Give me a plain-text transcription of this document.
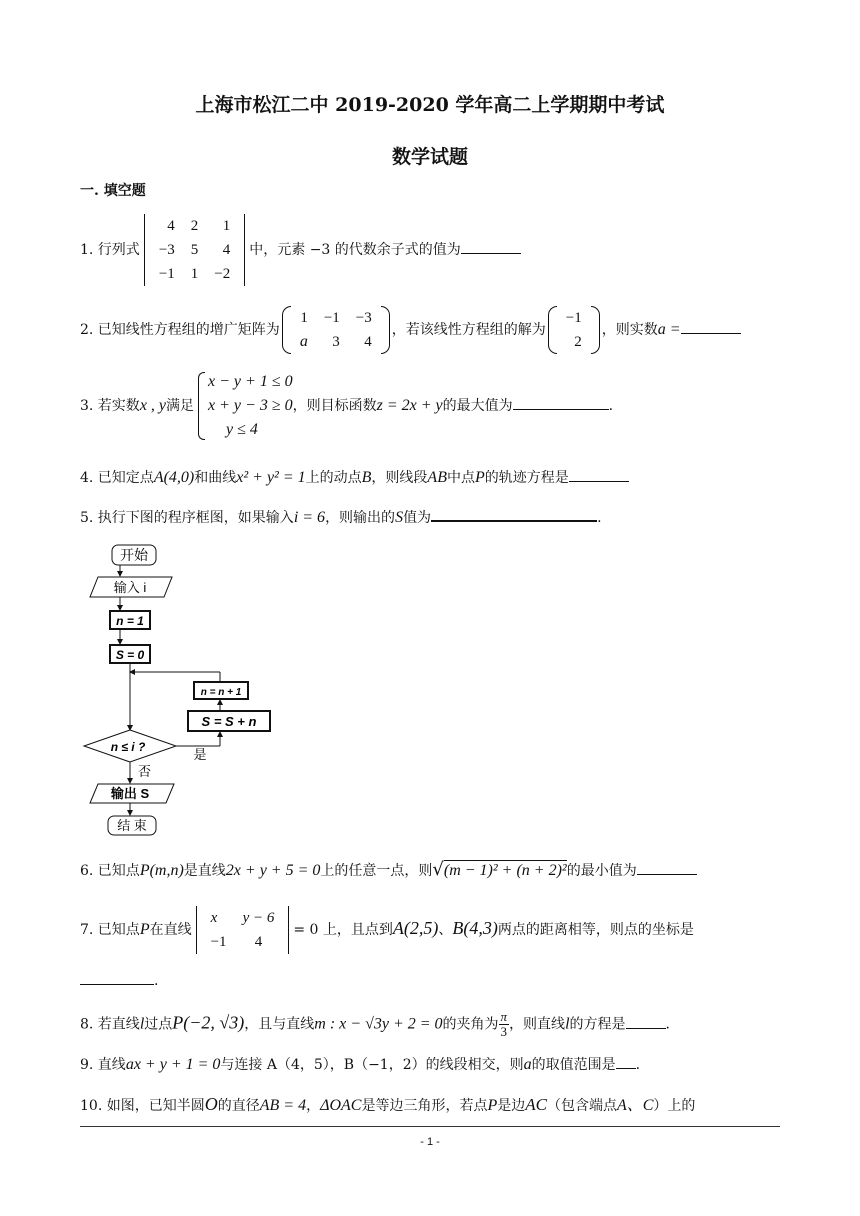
上海市松江二中 2019-2020 学年高二上学期期中考试
数学试题
一. 填空题
1. 行列式
4	2	1
−3	5	4
−1	1	−2
中，元素 −3 的代数余子式的值为
2. 已知线性方程组的增广矩阵为
1	−1	−3
a	3	4
，若该线性方程组的解为
−1
2
，则实数a =
3. 若实数x , y满足
x − y + 1 ≤ 0
x + y − 3 ≥ 0
y ≤ 4
，则目标函数z = 2x + y的最大值为	.
4. 已知定点A(4,0)和曲线x² + y² = 1上的动点B，则线段AB中点P的轨迹方程是
5. 执行下图的程序框图，如果输入i = 6，则输出的S值为	.
开始
输入 i
n = 1
S = 0
n ≤ i ?	是
S = S + n
n = n + 1
否
输出 S
结 束
6. 已知点P(m,n)是直线2x + y + 5 = 0上的任意一点，则√(m − 1)² + (n + 2)²的最小值为
7. 已知点P在直线
x	y − 6
−1	4
= 0 上，且点到A(2,5)、B(4,3)两点的距离相等，则点的坐标是
.
8. 若直线l过点P(−2, √3)，且与直线m : x − √3y + 2 = 0的夹角为 $\frac{\pi}{3}$ ，则直线l的方程是	.
9. 直线ax + y + 1 = 0与连接 A（4，5），B（−1，2）的线段相交，则a的取值范围是 .
10. 如图，已知半圆O的直径AB = 4，ΔOAC是等边三角形，若点P是边AC（包含端点A、C）上的
- 1 -
